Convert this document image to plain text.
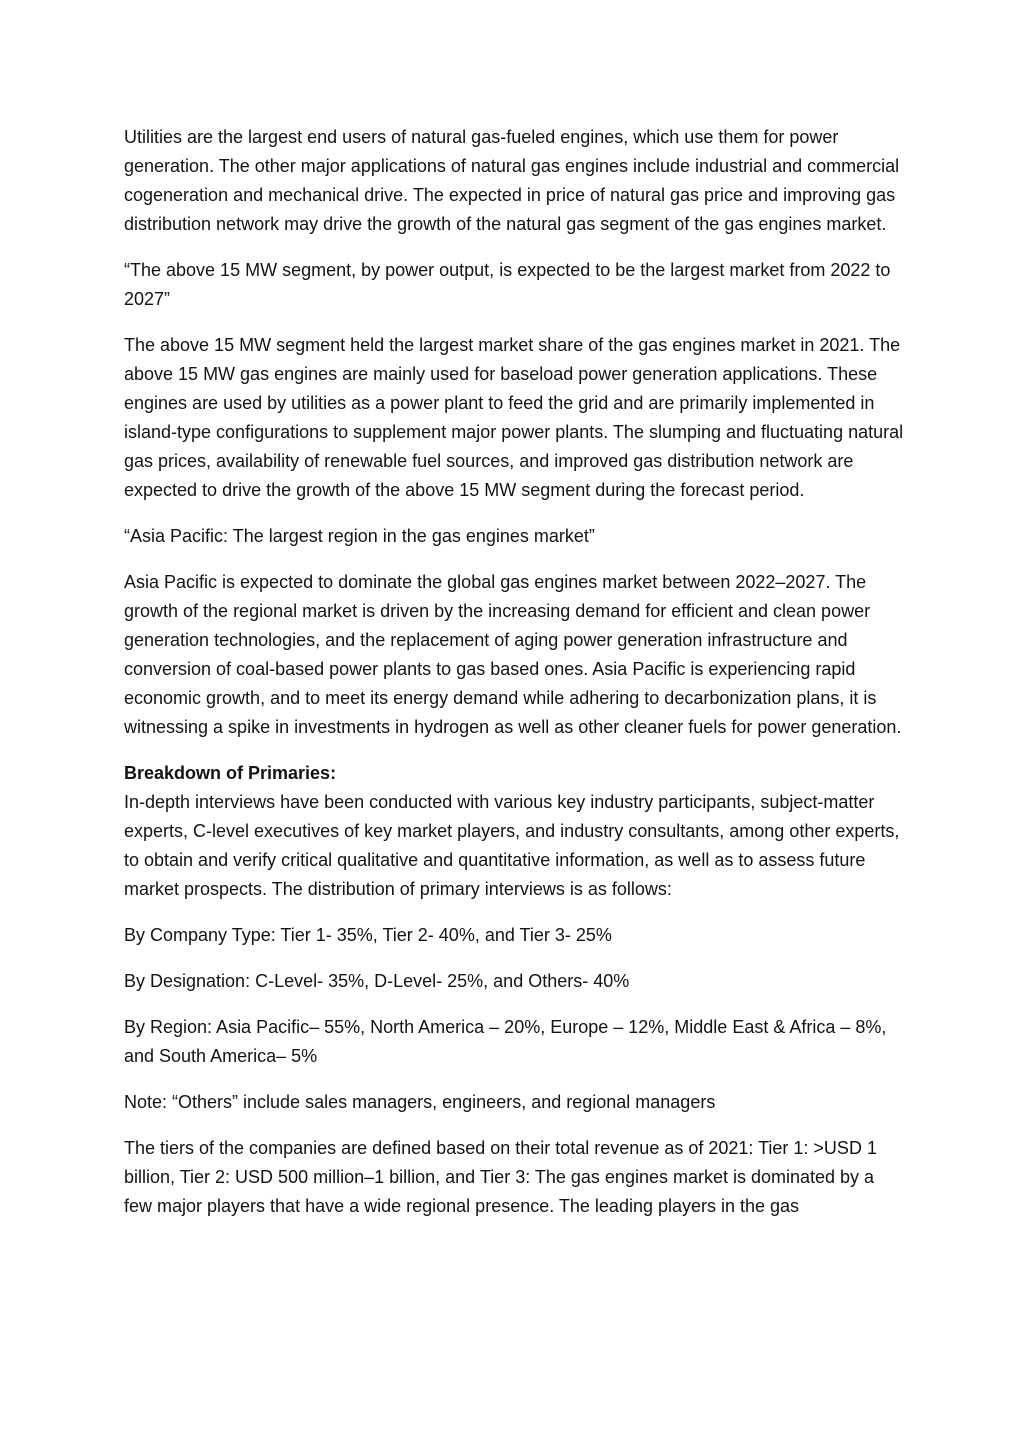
Utilities are the largest end users of natural gas-fueled engines, which use them for power generation. The other major applications of natural gas engines include industrial and commercial cogeneration and mechanical drive. The expected in price of natural gas price and improving gas distribution network may drive the growth of the natural gas segment of the gas engines market.

“The above 15 MW segment, by power output, is expected to be the largest market from 2022 to 2027”

The above 15 MW segment held the largest market share of the gas engines market in 2021. The above 15 MW gas engines are mainly used for baseload power generation applications. These engines are used by utilities as a power plant to feed the grid and are primarily implemented in island-type configurations to supplement major power plants. The slumping and fluctuating natural gas prices, availability of renewable fuel sources, and improved gas distribution network are expected to drive the growth of the above 15 MW segment during the forecast period.

“Asia Pacific: The largest region in the gas engines market”

Asia Pacific is expected to dominate the global gas engines market between 2022–2027. The growth of the regional market is driven by the increasing demand for efficient and clean power generation technologies, and the replacement of aging power generation infrastructure and conversion of coal-based power plants to gas based ones. Asia Pacific is experiencing rapid economic growth, and to meet its energy demand while adhering to decarbonization plans, it is witnessing a spike in investments in hydrogen as well as other cleaner fuels for power generation.

Breakdown of Primaries:

In-depth interviews have been conducted with various key industry participants, subject-matter experts, C-level executives of key market players, and industry consultants, among other experts, to obtain and verify critical qualitative and quantitative information, as well as to assess future market prospects. The distribution of primary interviews is as follows:

By Company Type: Tier 1- 35%, Tier 2- 40%, and Tier 3- 25%

By Designation: C-Level- 35%, D-Level- 25%, and Others- 40%

By Region: Asia Pacific– 55%, North America – 20%, Europe – 12%, Middle East & Africa – 8%, and South America– 5%

Note: “Others” include sales managers, engineers, and regional managers

The tiers of the companies are defined based on their total revenue as of 2021: Tier 1: >USD 1 billion, Tier 2: USD 500 million–1 billion, and Tier 3: The gas engines market is dominated by a few major players that have a wide regional presence. The leading players in the gas
